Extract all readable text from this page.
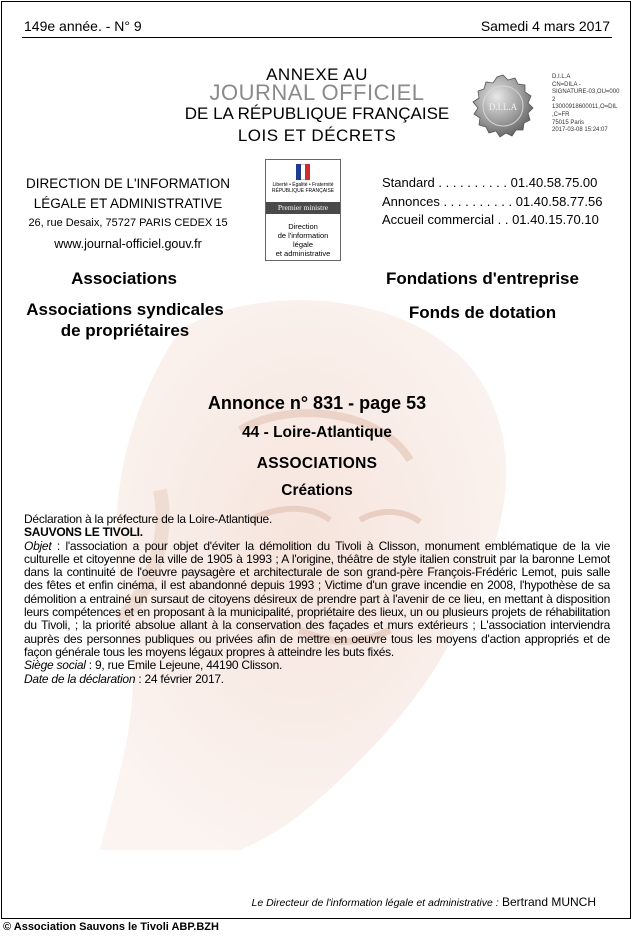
149e année. - N° 9	Samedi 4 mars 2017
ANNEXE AU
JOURNAL OFFICIEL
DE LA RÉPUBLIQUE FRANÇAISE
LOIS ET DÉCRETS
D.I.L.A
D.I.L.A
CN=DILA -
SIGNATURE-03,OU=000
2
13000918600011,O=DIL
,C=FR
75015 Paris
2017-03-08 15:24:07
DIRECTION DE L'INFORMATION
LÉGALE ET ADMINISTRATIVE
26, rue Desaix, 75727 PARIS CEDEX 15
www.journal-officiel.gouv.fr
Liberté • Égalité • Fraternité
RÉPUBLIQUE FRANÇAISE
Premier ministre
Direction
de l'information
légale
et administrative
Standard . . . . . . . . . . 01.40.58.75.00
Annonces . . . . . . . . . . 01.40.58.77.56
Accueil commercial . . 01.40.15.70.10
Associations
Associations syndicales
de propriétaires
Fondations d'entreprise
Fonds de dotation
Annonce n° 831 - page 53
44 - Loire-Atlantique
ASSOCIATIONS
Créations

Déclaration à la préfecture de la Loire-Atlantique.

SAUVONS LE TIVOLI.

Objet : l'association a pour objet d'éviter la démolition du Tivoli à Clisson, monument emblématique de la vie culturelle et citoyenne de la ville de 1905 à 1993 ; A l'origine, théâtre de style italien construit par la baronne Lemot dans la continuité de l'oeuvre paysagère et architecturale de son grand-père François-Frédéric Lemot, puis salle des fêtes et enfin cinéma, il est abandonné depuis 1993 ; Victime d'un grave incendie en 2008, l'hypothèse de sa démolition a entrainé un sursaut de citoyens désireux de prendre part à l'avenir de ce lieu, en mettant à disposition leurs compétences et en proposant à la municipalité, propriétaire des lieux, un ou plusieurs projets de réhabilitation du Tivoli, ; la priorité absolue allant à la conservation des façades et murs extérieurs ; L'association interviendra auprès des personnes publiques ou privées afin de mettre en oeuvre tous les moyens d'action appropriés et de façon générale tous les moyens légaux propres à atteindre les buts fixés.

Siège social : 9, rue Emile Lejeune, 44190 Clisson.

Date de la déclaration : 24 février 2017.

Le Directeur de l'information légale et administrative : Bertrand MUNCH
© Association Sauvons le Tivoli ABP.BZH
